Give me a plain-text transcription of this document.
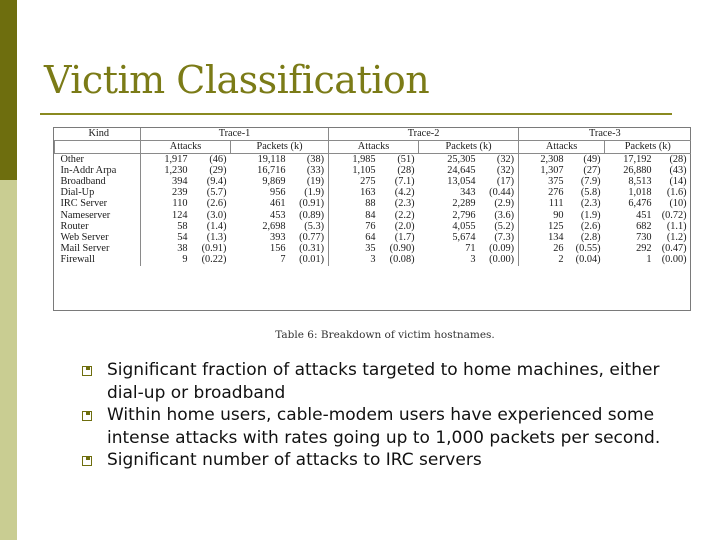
Victim Classification
Kind	Trace-1				Trace-2				Trace-3			
	Attacks		Packets (k)		Attacks		Packets (k)		Attacks		Packets (k)	
Other	1,917	(46)	19,118	(38)	1,985	(51)	25,305	(32)	2,308	(49)	17,192	(28)
In-Addr Arpa	1,230	(29)	16,716	(33)	1,105	(28)	24,645	(32)	1,307	(27)	26,880	(43)
Broadband	394	(9.4)	9,869	(19)	275	(7.1)	13,054	(17)	375	(7.9)	8,513	(14)
Dial-Up	239	(5.7)	956	(1.9)	163	(4.2)	343	(0.44)	276	(5.8)	1,018	(1.6)
IRC Server	110	(2.6)	461	(0.91)	88	(2.3)	2,289	(2.9)	111	(2.3)	6,476	(10)
Nameserver	124	(3.0)	453	(0.89)	84	(2.2)	2,796	(3.6)	90	(1.9)	451	(0.72)
Router	58	(1.4)	2,698	(5.3)	76	(2.0)	4,055	(5.2)	125	(2.6)	682	(1.1)
Web Server	54	(1.3)	393	(0.77)	64	(1.7)	5,674	(7.3)	134	(2.8)	730	(1.2)
Mail Server	38	(0.91)	156	(0.31)	35	(0.90)	71	(0.09)	26	(0.55)	292	(0.47)
Firewall	9	(0.22)	7	(0.01)	3	(0.08)	3	(0.00)	2	(0.04)	1	(0.00)
Table 6: Breakdown of victim hostnames.
Significant fraction of attacks targeted to home machines, either dial-up or broadband
Within home users, cable-modem users have experienced some intense attacks with rates going up to 1,000 packets per second.
Significant number of attacks to IRC servers
